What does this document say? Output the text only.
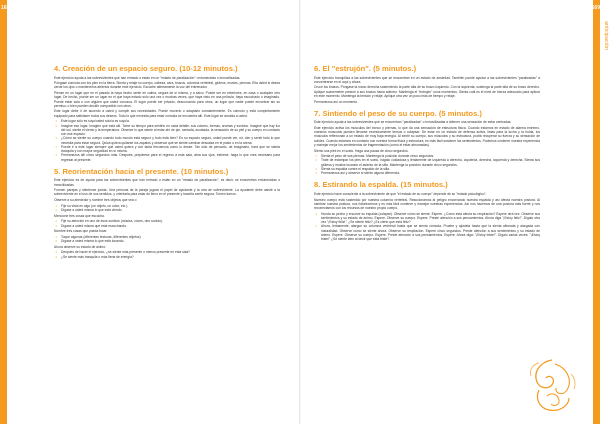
168
4. Creación de un espacio seguro. (10-12 minutos.)

Este ejercicio ayuda a las sobrevivientes que han entrado o están en un "estado de paralización": entumecidas o inmovilizadas.

Póngase cómoda con los pies en la tierra. Sienta y relaje su cuerpo, cabeza, cara, brazos, columna vertebral, glúteos, muslos, piernas. Ella usted si desea cerrar los ojos o mantenerlos abiertos durante este ejercicio. Escuche atentamente la voz del entrenador.

Piense en un lugar que en el pasado la haya hecho sentir en calma, segura de sí misma, y a salvo. Puede ser en exteriores, en casa o cualquier otro lugar. De hecho, puede ser un lugar en el que haya estado sólo una vez o muchas veces, que haya visto en una película, haya escuchado o imaginado. Puede estar sola o con alguien que usted conozca. El lugar puede ser privado, desconocido para otros, un lugar que nadie puede encontrar sin su permiso; o bien pueden decidir compartirlo con otros.

Este lugar debe ir de acuerdo a usted y cumplir sus necesidades. Puede moverlo o adaptarlo constantemente. Es cómodo y está completamente equipado para satisfacer todos sus deseos. Todo lo que necesita para estar cómoda se encuentra allí. Este lugar se amolda a usted.

• Este lugar sólo es suyo/usted solo/a es suyo/a.
• Imagine ese lugar. Imagine que está allí. Tome su tiempo para sentirlo en cada detalle: sus colores, formas, aromas y sonidos. Imagine que hay luz del sol, siente el viento y la temperatura. Observe lo que siente al estar ahí de pie, sentada, acostada, la sensación de su piel y su cuerpo en contacto con ese espacio.
• ¿Cómo se siente su cuerpo cuando todo mundo está seguro y todo está bien? En su espacio seguro, usted puede ver, oír, oler y sentir todo lo que necesita para estar segura. Quizá quiera quitarse los zapatos y observar qué se siente caminar descalza en el pasto o en la arena.
• Puede ir a este lugar siempre que usted quiera y con tanta frecuencia como lo desee. Tan sólo de pensarlo, de imaginarlo, hará que se sienta tranquila y con mayor seguridad en sí misma.
• Permanezca allí cinco segundos más. Después, prepárese para el regreso a esta sala, abra sus ojos, estírese, haga lo que crea necesario para regresar al presente.
5. Reorientación hacia el presente. (10 minutos.)

Este ejercicio es de ayuda para las sobrevivientes que han entrado o están en un "estado de paralización", es decir, se encuentran entumecidas o inmovilizadas.

Formen parejas y siéntense juntas. Una persona de la pareja jugará el papel de ayudante y la otra de sobreviviente. La ayudante debe asistir a la sobreviviente en el uso de sus sentidos, y orientarla para estar de lleno en el presente y hacerla sentir segura. Tomen turnos.

Observe a su alrededor y nombre tres objetos que vea o

• Fije su vista en algo (un objeto, un color, etc.).
• Dígase a usted misma lo que está viendo.

Mencione tres cosas que escucha.

• Fije su atención en uno de esos sonidos (música, voces, otro sonido).
• Dígase a usted misma qué está escuchando.

Nombre tres cosas que pueda tocar.

• Toque algunas (diferentes texturas, diferentes objetos).
• Dígase a usted misma lo que está tocando.

Ahora observe su estado de ánimo:

• Después de hacer el ejercicio, ¿se siente más presente o menos presente en esta sala?
• ¿Se siente más tranquila o más llena de energía?
169
anticipación
6. El "estrujón". (5 minutos.)

Este ejercicio tranquiliza a las sobrevivientes que se encuentran en un estado de ansiedad. También puede ayudar a las sobrevivientes "paralizadas" a concentrarse en el aquí y ahora.

Cruce los brazos. Póngase la mano derecha sosteniendo la parte alta de su brazo izquierdo. Con la izquierda, sostenga la parte alta de su brazo derecho. Aplique suavemente presión a sus brazos hacia adentro. Mantenga el "estrujón" unos momentos. Sienta cuál es el nivel de fuerza adecuado para aplicar en este momento. Mantenga la tensión y relaje. Aplique otra vez un poco más de tiempo y relaje.

Permanezca así un momento.

7. Sintiendo el peso de su cuerpo. (5 minutos.)

Este ejercicio ayuda a las sobrevivientes que se encuentran "paralizadas" o inmovilizadas a obtener una sensación de estar centradas.

Este ejercicio activa los músculos del tronco y piernas, lo que da una sensación de estructura física. Cuando estamos en estado de alarma extremo, nuestros músculos pueden llevarse excesivamente tensos o colapsar. De estar en un estado de defensa activa, listas para la lucha y la huida, los músculos reflexionan a un estado de muy baja energía. Al sentir su cuerpo, sus músculos y su estructura, podrá recuperar su fuerza y su sensación de solidez. Cuando estamos en contacto con nuestra forma física y estructura, es más fácil sostener los sentimientos. Podemos contener nuestra experiencia y manejar mejor los sentimientos de fragmentación (como el estar abrumadas).

Siento sus pies en el suelo. Haga una pausa de cinco segundos.

• Sienta el peso de sus piernas. Mantenga la posición durante cinco segundos.
• Trate de estampar los pies en el suelo, hágalo cuidadosa y lentamente de izquierda a derecha, izquierda, derecha, izquierda y derecha. Sienta sus glúteos y muslos tocando el asiento de la silla. Mantenga la posición durante cinco segundos.
• Sienta su espalda contra el respaldo de la silla.
• Permanezca así y observe si siente alguna diferencia.
8. Estirando la espalda. (15 minutos.)

Este ejercicio hace consciente a la sobreviviente de que "el estado de su cuerpo" depende de su "estado psicológico".

Nuestro cuerpo está sostenido por nuestra columna vertebral. Reaccionamos al peligro encorvando nuestra espalda y así afecta nuestra postura. Al cambiar nuestra postura, nos fortalecemos y es más fácil contener y manejar nuestras experiencias. Así nos hacemos de una postura más fuerte y nos reconectamos con los recursos de nuestro propio cuerpo.

• Hunda su pecho y encorve su espalda (colapse). Observe cómo se siente. Espere. ¿Cómo está afecta su respiración? Espere otra vez. Observe sus sentimientos y su estado de ánimo. Espere. Observe su cuerpo. Espere. Preste atención a sus pensamientos. Ahora diga "¡Estoy feliz!". Dígalo otra vez "¡Estoy feliz!". ¿Se siente feliz? ¿Es cierto que está feliz?
• Ahora, lentamente, alargue su columna vertebral hasta que se sienta cómoda. Pruebe y ajústela hasta que la sienta alineada y alargada con naturalidad. Observe cómo se siente ahora. Observe su respiración. Espere cinco segundos. Preste atención a sus sentimientos y su estado de ánimo. Espere. Observe su cuerpo. Espere. Preste atención a sus pensamientos. Espere. Ahora diga: "¡Estoy triste!". Dígalo varias veces: "¡Estoy triste!" ¿Se siente bien al decir que está triste?
